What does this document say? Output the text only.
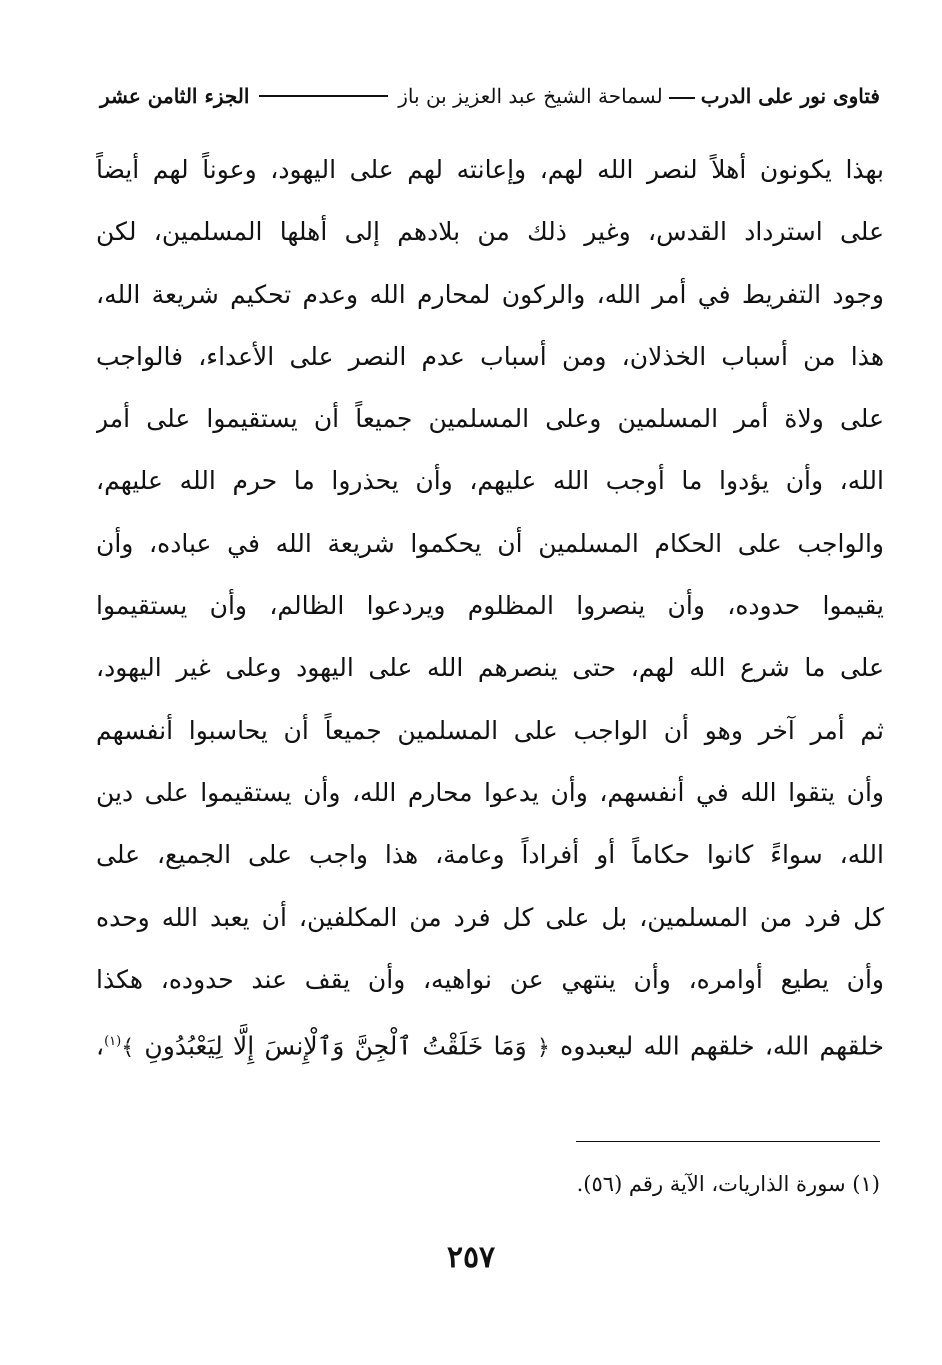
فتاوى نور على الدربلسماحة الشيخ عبد العزيز بن باز
الجزء الثامن عشر
بهذا يكونون أهلاً لنصر الله لهم، وإعانته لهم على اليهود، وعوناً لهم أيضاً
على استرداد القدس، وغير ذلك من بلادهم إلى أهلها المسلمين، لكن
وجود التفريط في أمر الله، والركون لمحارم الله وعدم تحكيم شريعة الله،
هذا من أسباب الخذلان، ومن أسباب عدم النصر على الأعداء، فالواجب
على ولاة أمر المسلمين وعلى المسلمين جميعاً أن يستقيموا على أمر
الله، وأن يؤدوا ما أوجب الله عليهم، وأن يحذروا ما حرم الله عليهم،
والواجب على الحكام المسلمين أن يحكموا شريعة الله في عباده، وأن
يقيموا حدوده، وأن ينصروا المظلوم ويردعوا الظالم، وأن يستقيموا
على ما شرع الله لهم، حتى ينصرهم الله على اليهود وعلى غير اليهود،
ثم أمر آخر وهو أن الواجب على المسلمين جميعاً أن يحاسبوا أنفسهم
وأن يتقوا الله في أنفسهم، وأن يدعوا محارم الله، وأن يستقيموا على دين
الله، سواءً كانوا حكاماً أو أفراداً وعامة، هذا واجب على الجميع، على
كل فرد من المسلمين، بل على كل فرد من المكلفين، أن يعبد الله وحده
وأن يطيع أوامره، وأن ينتهي عن نواهيه، وأن يقف عند حدوده، هكذا
خلقهم الله، خلقهم الله ليعبدوه ﴿ وَمَا خَلَقْتُ ٱلْجِنَّ وَٱلْإِنسَ إِلَّا لِيَعْبُدُونِ ﴾$^{(١)}$،
(١) سورة الذاريات، الآية رقم (٥٦).
٢٥٧
